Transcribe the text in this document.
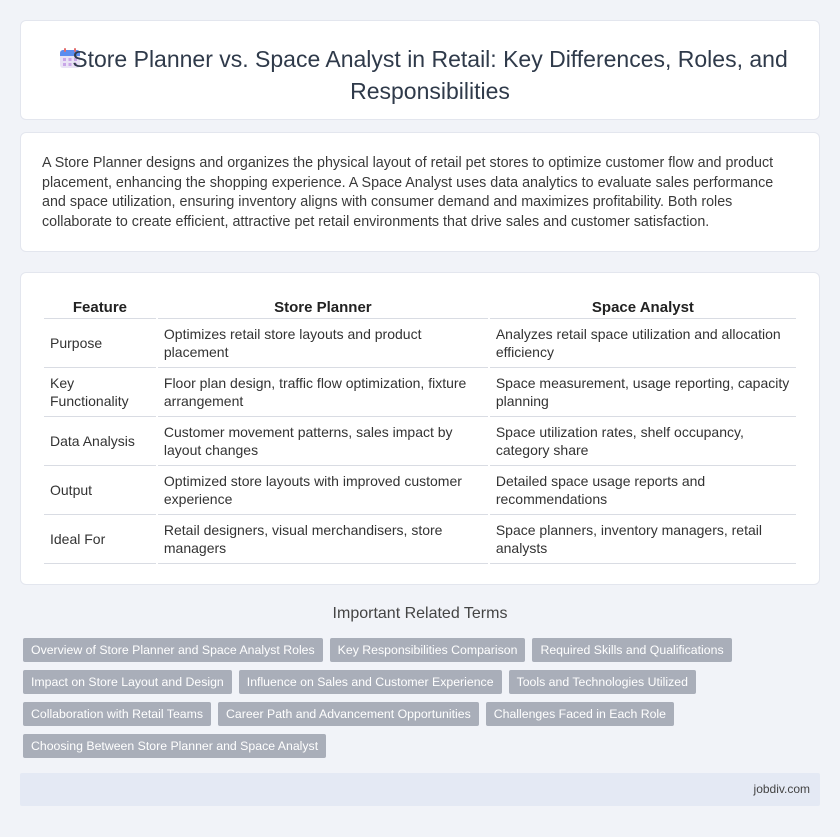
Store Planner vs. Space Analyst in Retail: Key Differences, Roles, and Responsibilities

A Store Planner designs and organizes the physical layout of retail pet stores to optimize customer flow and product placement, enhancing the shopping experience. A Space Analyst uses data analytics to evaluate sales performance and space utilization, ensuring inventory aligns with consumer demand and maximizes profitability. Both roles collaborate to create efficient, attractive pet retail environments that drive sales and customer satisfaction.

Feature	Store Planner	Space Analyst
Purpose	Optimizes retail store layouts and product placement	Analyzes retail space utilization and allocation efficiency
Key Functionality	Floor plan design, traffic flow optimization, fixture arrangement	Space measurement, usage reporting, capacity planning
Data Analysis	Customer movement patterns, sales impact by layout changes	Space utilization rates, shelf occupancy, category share
Output	Optimized store layouts with improved customer experience	Detailed space usage reports and recommendations
Ideal For	Retail designers, visual merchandisers, store managers	Space planners, inventory managers, retail analysts
Important Related Terms
Overview of Store Planner and Space Analyst Roles	Key Responsibilities Comparison	Required Skills and Qualifications
Impact on Store Layout and Design	Influence on Sales and Customer Experience	Tools and Technologies Utilized
Collaboration with Retail Teams	Career Path and Advancement Opportunities	Challenges Faced in Each Role
Choosing Between Store Planner and Space Analyst
jobdiv.com
